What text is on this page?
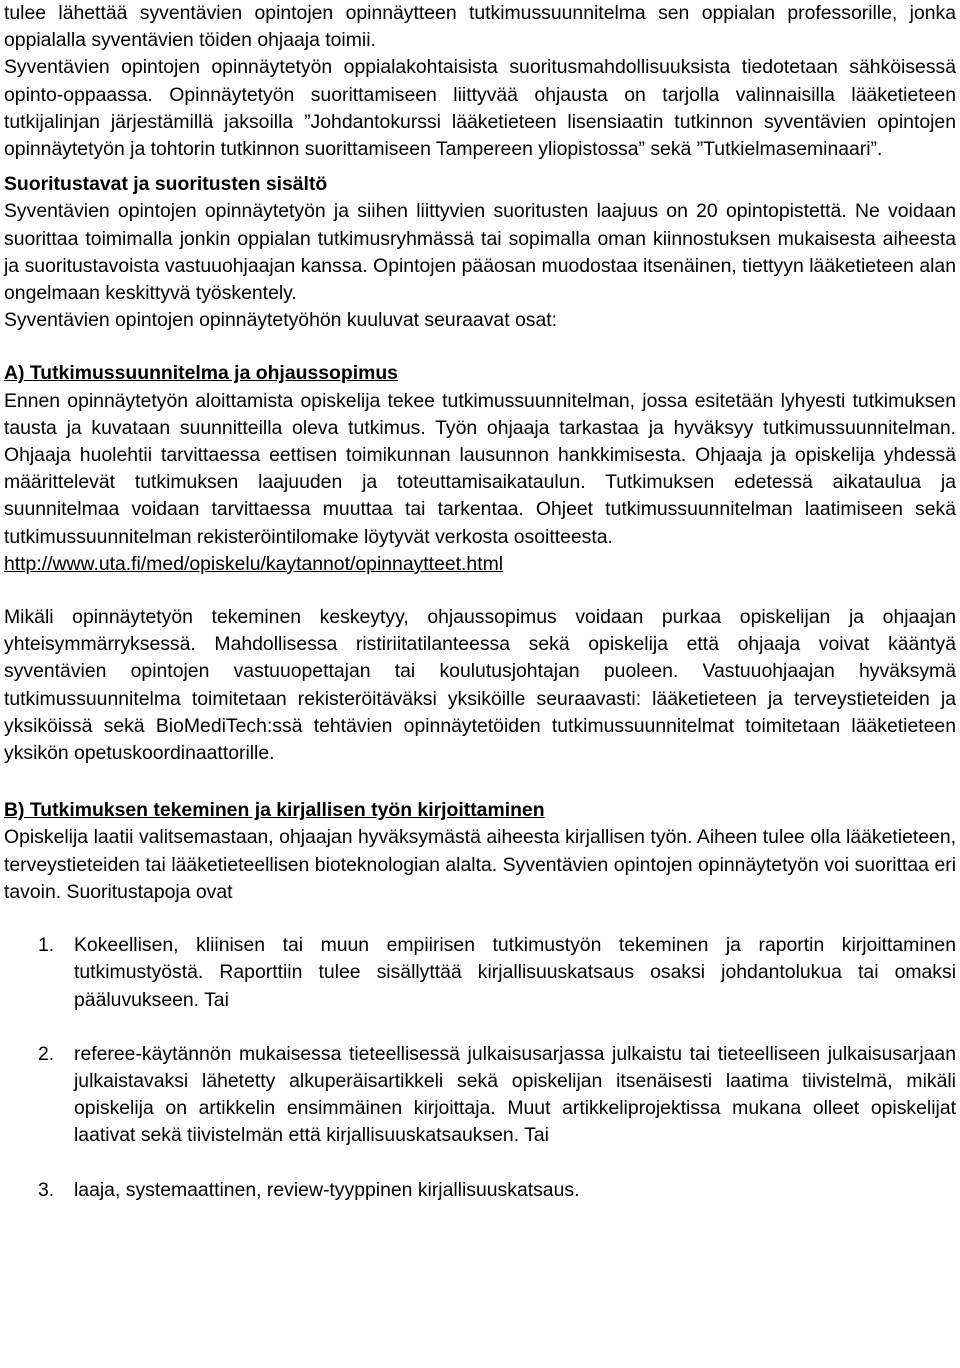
tulee lähettää syventävien opintojen opinnäytteen tutkimussuunnitelma sen oppialan professorille, jonka oppialalla syventävien töiden ohjaaja toimii.

Syventävien opintojen opinnäytetyön oppialakohtaisista suoritusmahdollisuuksista tiedotetaan sähköisessä opinto-oppaassa. Opinnäytetyön suorittamiseen liittyvää ohjausta on tarjolla valinnaisilla lääketieteen tutkijalinjan järjestämillä jaksoilla ”Johdantokurssi lääketieteen lisensiaatin tutkinnon syventävien opintojen opinnäytetyön ja tohtorin tutkinnon suorittamiseen Tampereen yliopistossa” sekä ”Tutkielmaseminaari”.

Suoritustavat ja suoritusten sisältö

Syventävien opintojen opinnäytetyön ja siihen liittyvien suoritusten laajuus on 20 opintopistettä. Ne voidaan suorittaa toimimalla jonkin oppialan tutkimusryhmässä tai sopimalla oman kiinnostuksen mukaisesta aiheesta ja suoritustavoista vastuuohjaajan kanssa. Opintojen pääosan muodostaa itsenäinen, tiettyyn lääketieteen alan ongelmaan keskittyvä työskentely.

Syventävien opintojen opinnäytetyöhön kuuluvat seuraavat osat:

A) Tutkimussuunnitelma ja ohjaussopimus

Ennen opinnäytetyön aloittamista opiskelija tekee tutkimussuunnitelman, jossa esitetään lyhyesti tutkimuksen tausta ja kuvataan suunnitteilla oleva tutkimus. Työn ohjaaja tarkastaa ja hyväksyy tutkimussuunnitelman. Ohjaaja huolehtii tarvittaessa eettisen toimikunnan lausunnon hankkimisesta. Ohjaaja ja opiskelija yhdessä määrittelevät tutkimuksen laajuuden ja toteuttamisaikataulun. Tutkimuksen edetessä aikataulua ja suunnitelmaa voidaan tarvittaessa muuttaa tai tarkentaa. Ohjeet tutkimussuunnitelman laatimiseen sekä tutkimussuunnitelman rekisteröintilomake löytyvät verkosta osoitteesta.

http://www.uta.fi/med/opiskelu/kaytannot/opinnaytteet.html

Mikäli opinnäytetyön tekeminen keskeytyy, ohjaussopimus voidaan purkaa opiskelijan ja ohjaajan yhteisymmärryksessä. Mahdollisessa ristiriitatilanteessa sekä opiskelija että ohjaaja voivat kääntyä syventävien opintojen vastuuopettajan tai koulutusjohtajan puoleen. Vastuuohjaajan hyväksymä tutkimussuunnitelma toimitetaan rekisteröitäväksi yksiköille seuraavasti: lääketieteen ja terveystieteiden ja yksiköissä sekä BioMediTech:ssä tehtävien opinnäytetöiden tutkimussuunnitelmat toimitetaan lääketieteen yksikön opetuskoordinaattorille.

B) Tutkimuksen tekeminen ja kirjallisen työn kirjoittaminen

Opiskelija laatii valitsemastaan, ohjaajan hyväksymästä aiheesta kirjallisen työn. Aiheen tulee olla lääketieteen, terveystieteiden tai lääketieteellisen bioteknologian alalta. Syventävien opintojen opinnäytetyön voi suorittaa eri tavoin. Suoritustapoja ovat

1.	Kokeellisen, kliinisen tai muun empiirisen tutkimustyön tekeminen ja raportin kirjoittaminen tutkimustyöstä. Raporttiin tulee sisällyttää kirjallisuuskatsaus osaksi johdantolukua tai omaksi pääluvukseen. Tai
2.	referee-käytännön mukaisessa tieteellisessä julkaisusarjassa julkaistu tai tieteelliseen julkaisusarjaan julkaistavaksi lähetetty alkuperäisartikkeli sekä opiskelijan itsenäisesti laatima tiivistelmä, mikäli opiskelija on artikkelin ensimmäinen kirjoittaja. Muut artikkeliprojektissa mukana olleet opiskelijat laativat sekä tiivistelmän että kirjallisuuskatsauksen. Tai
3.	laaja, systemaattinen, review-tyyppinen kirjallisuuskatsaus.
